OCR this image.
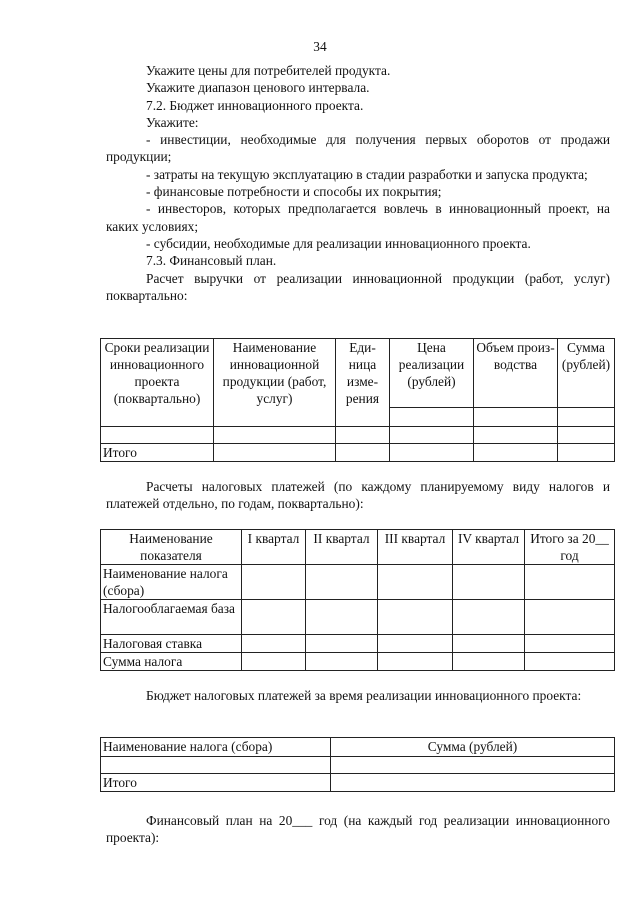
34

Укажите цены для потребителей продукта.

Укажите диапазон ценового интервала.

7.2. Бюджет инновационного проекта.

Укажите:

- инвестиции, необходимые для получения первых оборотов от продажи продукции;

- затраты на текущую эксплуатацию в стадии разработки и запуска продукта;

- финансовые потребности и способы их покрытия;

- инвесторов, которых предполагается вовлечь в инновационный проект, на каких условиях;

- субсидии, необходимые для реализации инновационного проекта.

7.3. Финансовый план.

Расчет выручки от реализации инновационной продукции (работ, услуг) поквартально:

Сроки реализации инновационного проекта (поквартально)	Наименование инновационной продукции (работ, услуг)	Еди-ница изме-рения	Цена реализации (рублей)	Объем произ-водства	Сумма (рублей)

Итого					

Расчеты налоговых платежей (по каждому планируемому виду налогов и платежей отдельно, по годам, поквартально):

Наименование показателя	I квартал	II квартал	III квартал	IV квартал	Итого за 20__ год
Наименование налога (сбора)					
Налогооблагаемая база					
Налоговая ставка					
Сумма налога					

Бюджет налоговых платежей за время реализации инновационного проекта:

Наименование налога (сбора)	Сумма (рублей)

Итого	

Финансовый план на 20___ год (на каждый год реализации инновационного проекта):
